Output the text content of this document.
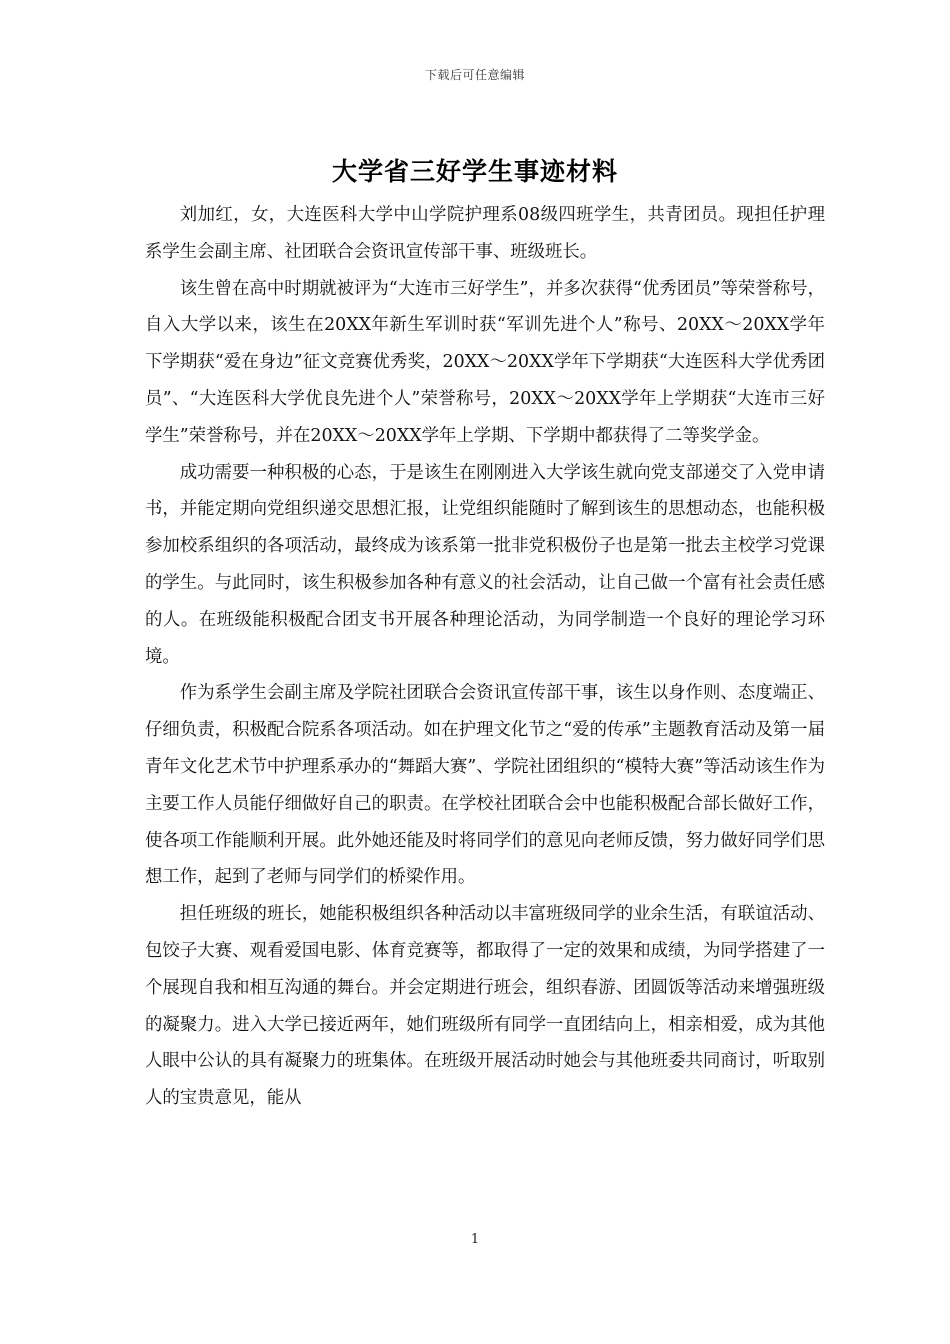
下载后可任意编辑
大学省三好学生事迹材料

刘加红，女，大连医科大学中山学院护理系08级四班学生，共青团员。现担任护理系学生会副主席、社团联合会资讯宣传部干事、班级班长。

该生曾在高中时期就被评为“大连市三好学生”，并多次获得“优秀团员”等荣誉称号，自入大学以来，该生在20XX年新生军训时获“军训先进个人”称号、20XX～20XX学年下学期获“爱在身边”征文竞赛优秀奖，20XX～20XX学年下学期获“大连医科大学优秀团员”、“大连医科大学优良先进个人”荣誉称号，20XX～20XX学年上学期获“大连市三好学生”荣誉称号，并在20XX～20XX学年上学期、下学期中都获得了二等奖学金。

成功需要一种积极的心态，于是该生在刚刚进入大学该生就向党支部递交了入党申请书，并能定期向党组织递交思想汇报，让党组织能随时了解到该生的思想动态，也能积极参加校系组织的各项活动，最终成为该系第一批非党积极份子也是第一批去主校学习党课的学生。与此同时，该生积极参加各种有意义的社会活动，让自己做一个富有社会责任感的人。在班级能积极配合团支书开展各种理论活动，为同学制造一个良好的理论学习环境。

作为系学生会副主席及学院社团联合会资讯宣传部干事，该生以身作则、态度端正、仔细负责，积极配合院系各项活动。如在护理文化节之“爱的传承”主题教育活动及第一届青年文化艺术节中护理系承办的“舞蹈大赛”、学院社团组织的“模特大赛”等活动该生作为主要工作人员能仔细做好自己的职责。在学校社团联合会中也能积极配合部长做好工作，使各项工作能顺利开展。此外她还能及时将同学们的意见向老师反馈，努力做好同学们思想工作，起到了老师与同学们的桥梁作用。

担任班级的班长，她能积极组织各种活动以丰富班级同学的业余生活，有联谊活动、包饺子大赛、观看爱国电影、体育竞赛等，都取得了一定的效果和成绩，为同学搭建了一个展现自我和相互沟通的舞台。并会定期进行班会，组织春游、团圆饭等活动来增强班级的凝聚力。进入大学已接近两年，她们班级所有同学一直团结向上，相亲相爱，成为其他人眼中公认的具有凝聚力的班集体。在班级开展活动时她会与其他班委共同商讨，听取别人的宝贵意见，能从

1
